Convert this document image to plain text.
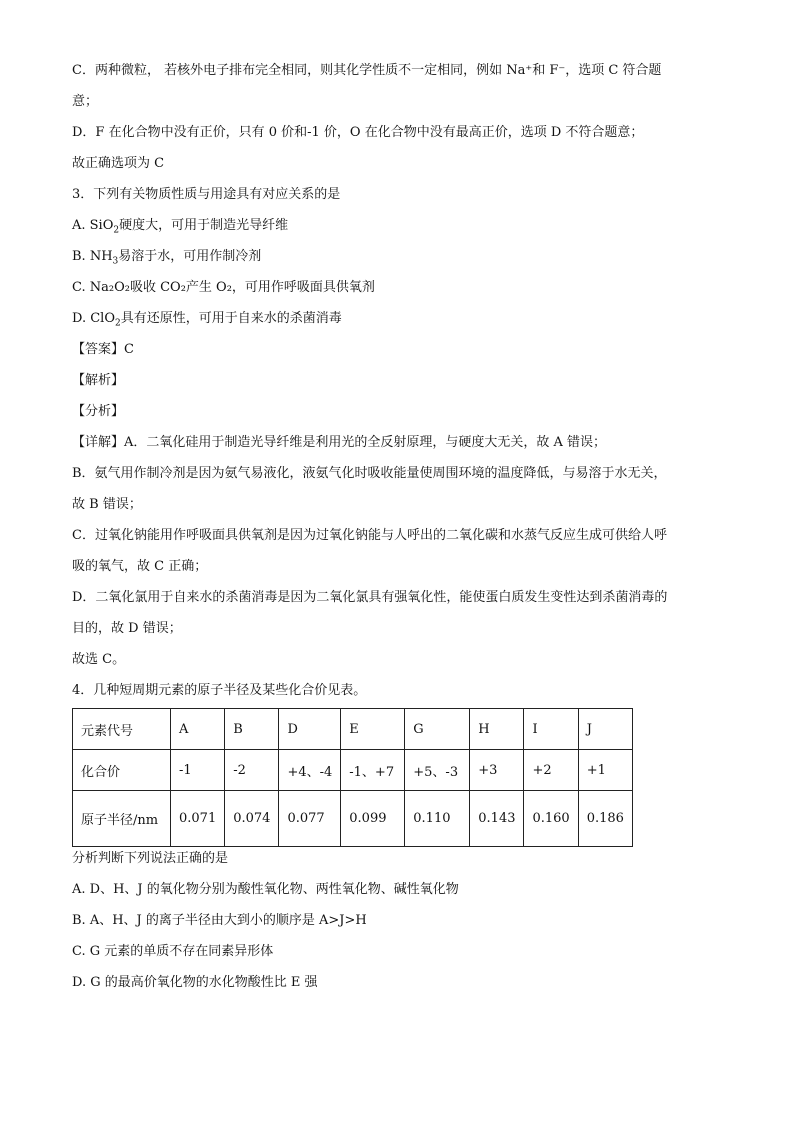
C．两种微粒， 若核外电子排布完全相同，则其化学性质不一定相同，例如 Na⁺和 F⁻，选项 C 符合题

意；

D．F 在化合物中没有正价，只有 0 价和-1 价，O 在化合物中没有最高正价，选项 D 不符合题意；

故正确选项为 C

3．下列有关物质性质与用途具有对应关系的是

A. SiO$_2$硬度大，可用于制造光导纤维

B. $NH_3$易溶于水，可用作制冷剂

C. Na₂O₂吸收 CO₂产生 O₂，可用作呼吸面具供氧剂

D. ClO$_2$具有还原性，可用于自来水的杀菌消毒

【答案】C

【解析】

【分析】

【详解】A．二氧化硅用于制造光导纤维是利用光的全反射原理，与硬度大无关，故 A 错误；

B．氨气用作制冷剂是因为氨气易液化，液氨气化时吸收能量使周围环境的温度降低，与易溶于水无关，

故 B 错误；

C．过氧化钠能用作呼吸面具供氧剂是因为过氧化钠能与人呼出的二氧化碳和水蒸气反应生成可供给人呼

吸的氧气，故 C 正确；

D．二氧化氯用于自来水的杀菌消毒是因为二氧化氯具有强氧化性，能使蛋白质发生变性达到杀菌消毒的

目的，故 D 错误；

故选 C。

4．几种短周期元素的原子半径及某些化合价见表。

元素代号	A	B	D	E	G	H	I	J
化合价	-1	-2	+4、-4	-1、+7	+5、-3	+3	+2	+1
原子半径/nm	0.071	0.074	0.077	0.099	0.110	0.143	0.160	0.186

分析判断下列说法正确的是

A. D、H、J 的氧化物分别为酸性氧化物、两性氧化物、碱性氧化物

B. A、H、J 的离子半径由大到小的顺序是 A>J>H

C. G 元素的单质不存在同素异形体

D. G 的最高价氧化物的水化物酸性比 E 强
